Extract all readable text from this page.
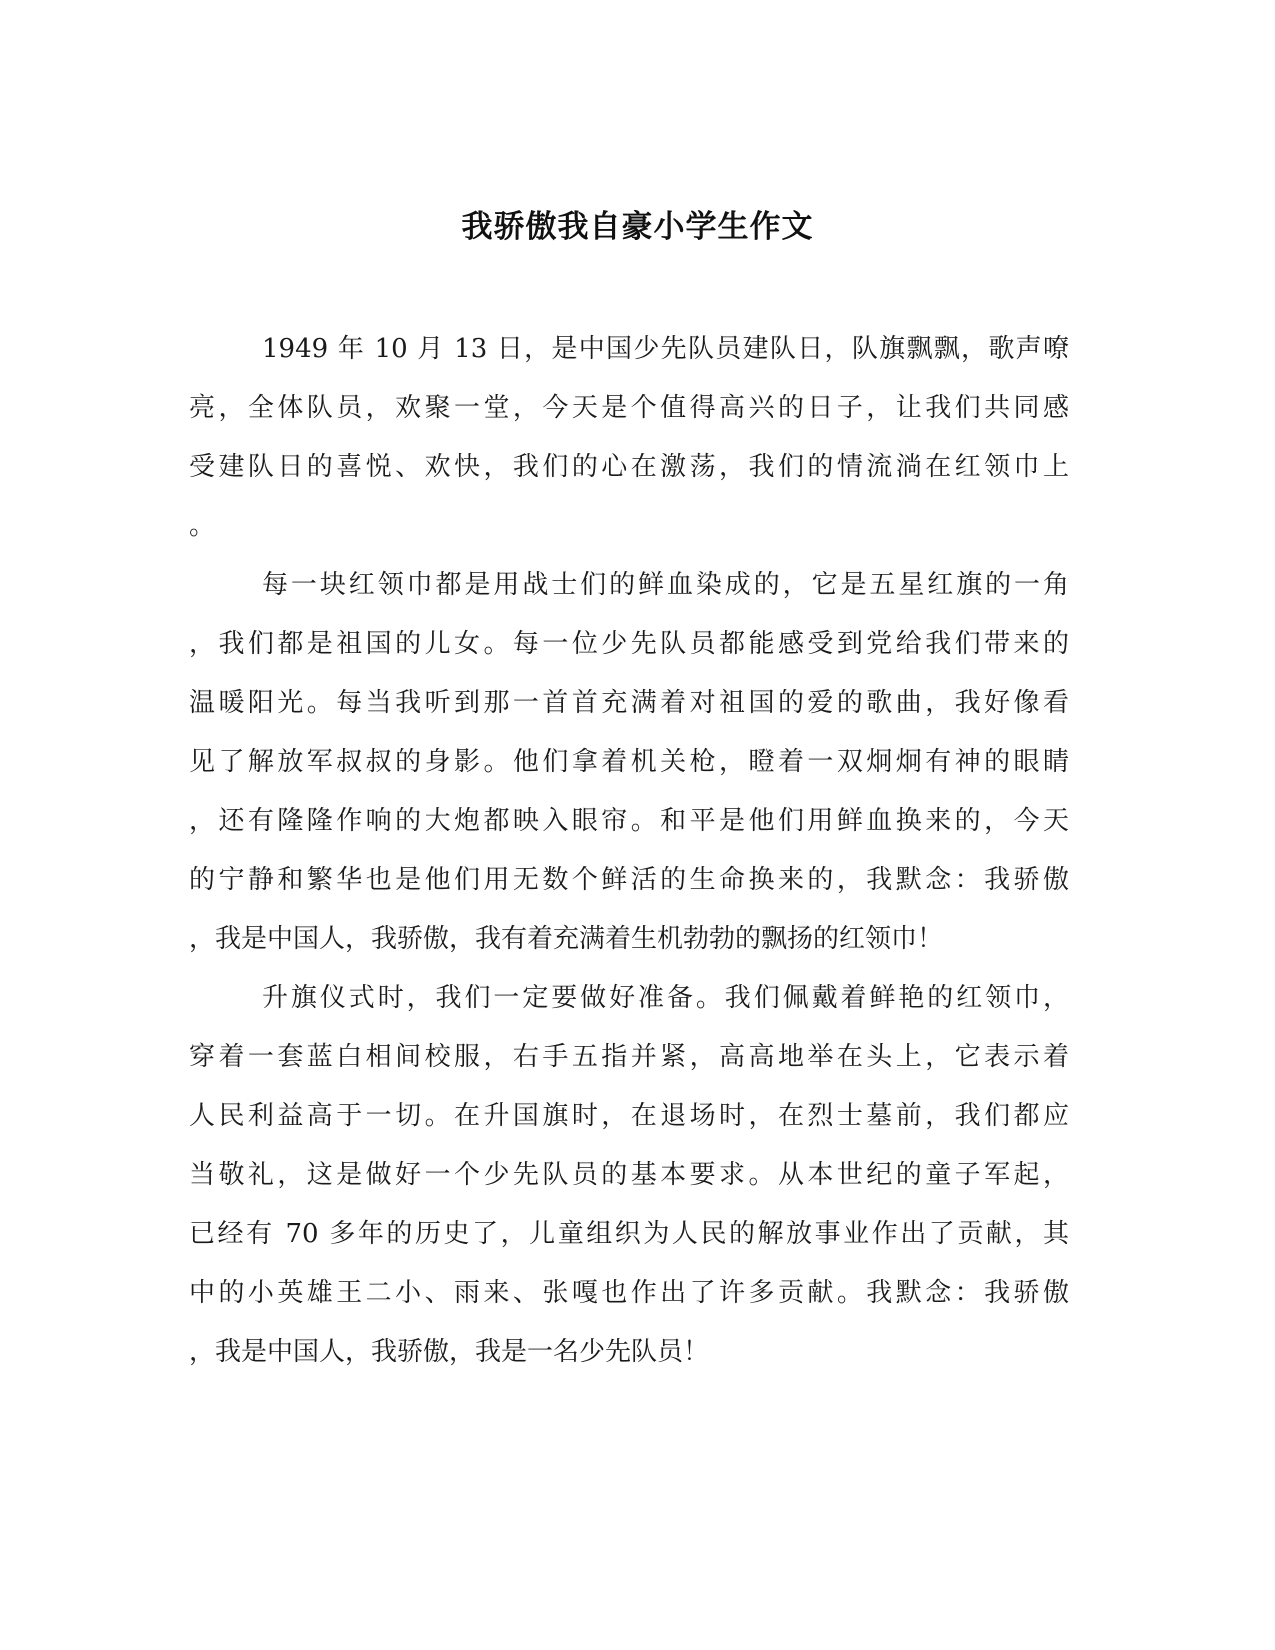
我骄傲我自豪小学生作文
1949 年 10 月 13 日，是中国少先队员建队日，队旗飘飘，歌声嘹
亮，全体队员，欢聚一堂，今天是个值得高兴的日子，让我们共同感
受建队日的喜悦、欢快，我们的心在激荡，我们的情流淌在红领巾上
。
每一块红领巾都是用战士们的鲜血染成的，它是五星红旗的一角
，我们都是祖国的儿女。每一位少先队员都能感受到党给我们带来的
温暖阳光。每当我听到那一首首充满着对祖国的爱的歌曲，我好像看
见了解放军叔叔的身影。他们拿着机关枪，瞪着一双炯炯有神的眼睛
，还有隆隆作响的大炮都映入眼帘。和平是他们用鲜血换来的，今天
的宁静和繁华也是他们用无数个鲜活的生命换来的，我默念：我骄傲
，我是中国人，我骄傲，我有着充满着生机勃勃的飘扬的红领巾！
升旗仪式时，我们一定要做好准备。我们佩戴着鲜艳的红领巾，
穿着一套蓝白相间校服，右手五指并紧，高高地举在头上，它表示着
人民利益高于一切。在升国旗时，在退场时，在烈士墓前，我们都应
当敬礼，这是做好一个少先队员的基本要求。从本世纪的童子军起，
已经有 70 多年的历史了，儿童组织为人民的解放事业作出了贡献，其
中的小英雄王二小、雨来、张嘎也作出了许多贡献。我默念：我骄傲
，我是中国人，我骄傲，我是一名少先队员！
